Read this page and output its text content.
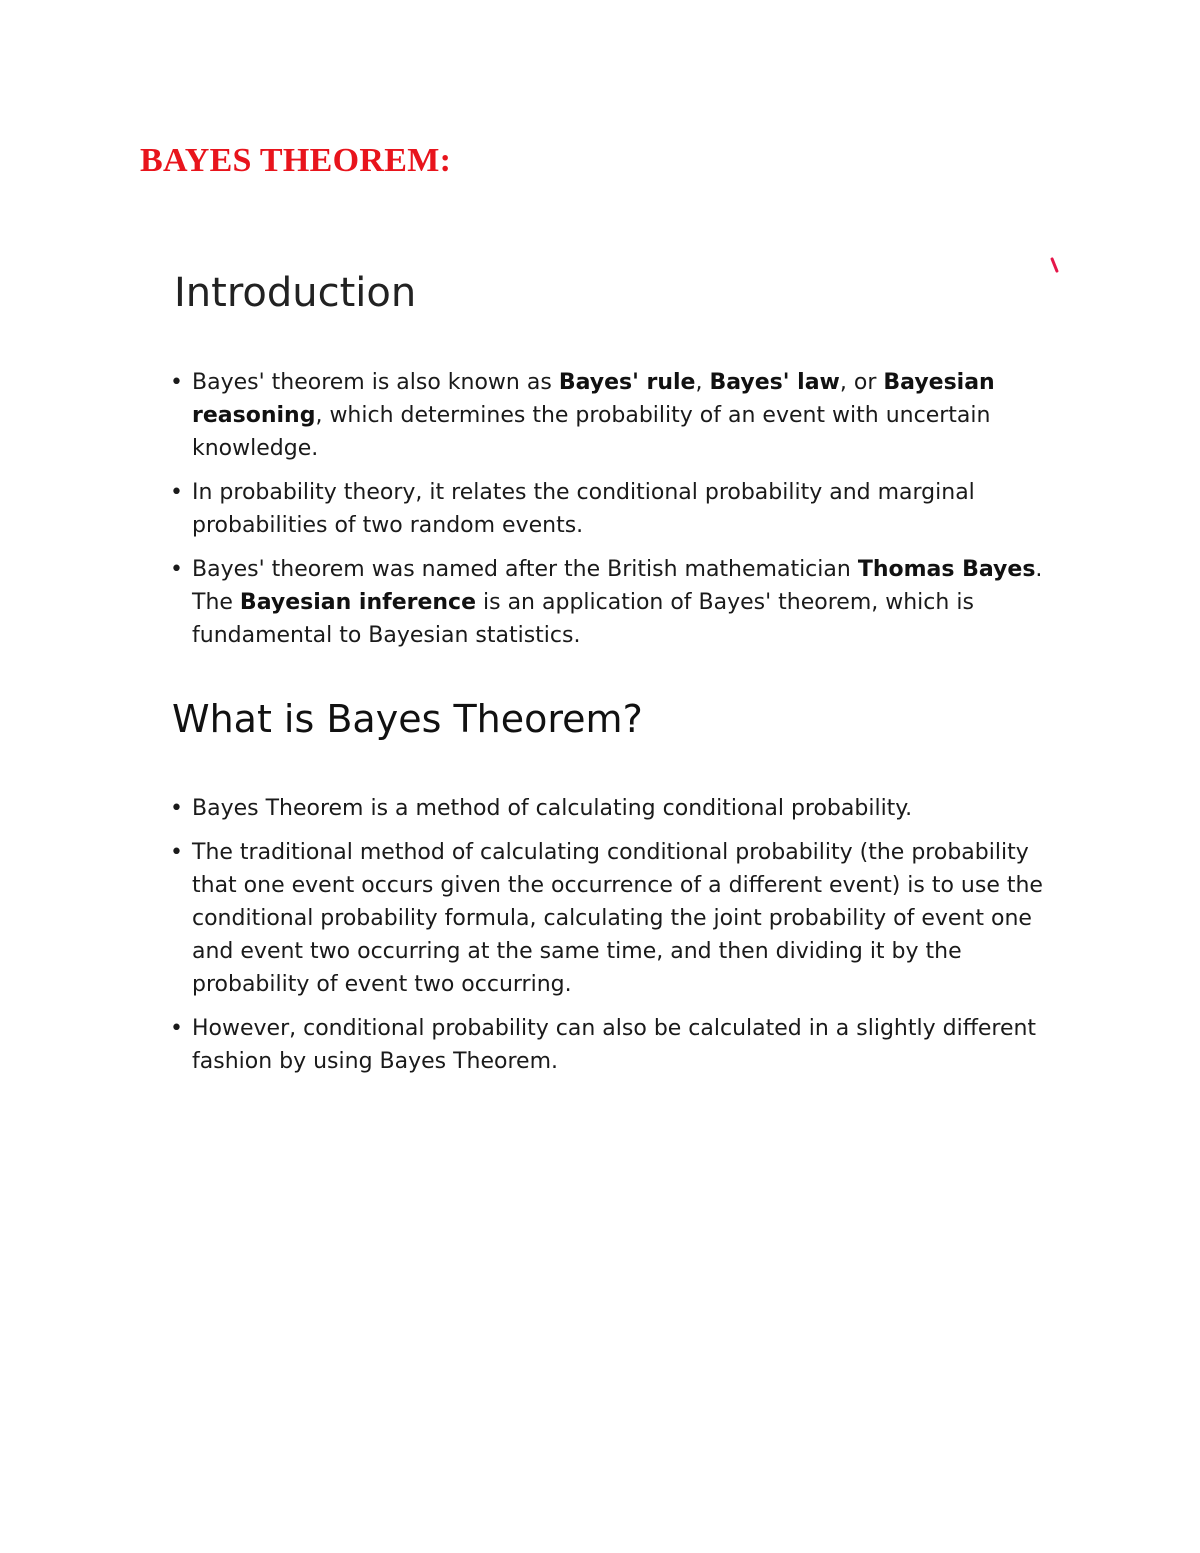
BAYES THEOREM:
Introduction
• Bayes' theorem is also known as Bayes' rule, Bayes' law, or Bayesian reasoning, which determines the probability of an event with uncertain knowledge.
• In probability theory, it relates the conditional probability and marginal probabilities of two random events.
• Bayes' theorem was named after the British mathematician Thomas Bayes. The Bayesian inference is an application of Bayes' theorem, which is fundamental to Bayesian statistics.
What is Bayes Theorem?
• Bayes Theorem is a method of calculating conditional probability.
• The traditional method of calculating conditional probability (the probability that one event occurs given the occurrence of a different event) is to use the conditional probability formula, calculating the joint probability of event one and event two occurring at the same time, and then dividing it by the probability of event two occurring.
• However, conditional probability can also be calculated in a slightly different fashion by using Bayes Theorem.
